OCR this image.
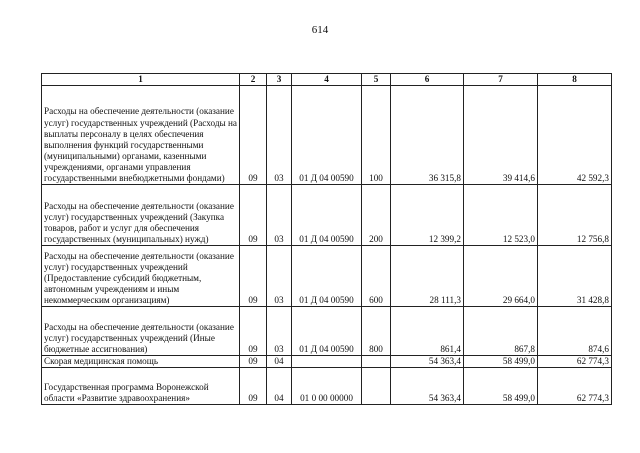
614
1	2	3	4	5	6	7	8
Расходы на обеспечение деятельности (оказание услуг) государственных учреждений (Расходы на выплаты персоналу в целях обеспечения выполнения функций государственными (муниципальными) органами, казенными учреждениями, органами управления государственными внебюджетными фондами)	09	03	01 Д 04 00590	100	36 315,8	39 414,6	42 592,3
Расходы на обеспечение деятельности (оказание услуг) государственных учреждений (Закупка товаров, работ и услуг для обеспечения государственных (муниципальных) нужд)	09	03	01 Д 04 00590	200	12 399,2	12 523,0	12 756,8
Расходы на обеспечение деятельности (оказание услуг) государственных учреждений (Предоставление субсидий бюджетным, автономным учреждениям и иным некоммерческим организациям)	09	03	01 Д 04 00590	600	28 111,3	29 664,0	31 428,8
Расходы на обеспечение деятельности (оказание услуг) государственных учреждений (Иные бюджетные ассигнования)	09	03	01 Д 04 00590	800	861,4	867,8	874,6
Скорая медицинская помощь	09	04			54 363,4	58 499,0	62 774,3
Государственная программа Воронежской области «Развитие здравоохранения»	09	04	01 0 00 00000		54 363,4	58 499,0	62 774,3
